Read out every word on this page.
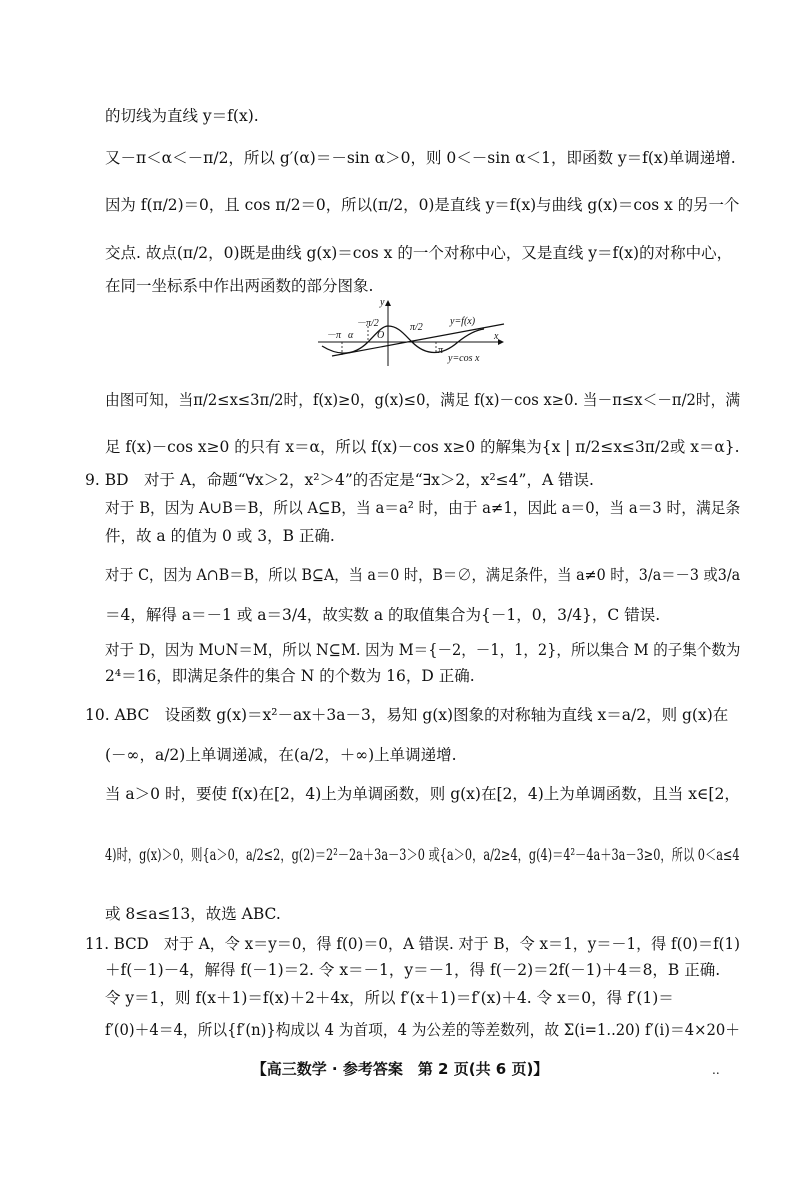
的切线为直线 y＝f(x).
又－π＜α＜－π/2，所以 g′(α)＝－sin α＞0，则 0＜－sin α＜1，即函数 y＝f(x)单调递增.
因为 f(π/2)＝0，且 cos π/2＝0，所以(π/2，0)是直线 y＝f(x)与曲线 g(x)＝cos x 的另一个
交点. 故点(π/2，0)既是曲线 g(x)＝cos x 的一个对称中心，又是直线 y＝f(x)的对称中心，
在同一坐标系中作出两函数的部分图象.
y
x
O
－π α
－π/2	π/2
π
y=f(x)
y=cos x
由图可知，当π/2≤x≤3π/2时，f(x)≥0，g(x)≤0，满足 f(x)－cos x≥0. 当－π≤x＜－π/2时，满
足 f(x)－cos x≥0 的只有 x＝α，所以 f(x)－cos x≥0 的解集为{x | π/2≤x≤3π/2或 x＝α}.
9. BD　对于 A，命题“∀x＞2，x²＞4”的否定是“∃x＞2，x²≤4”，A 错误.
对于 B，因为 A∪B＝B，所以 A⊆B，当 a＝a² 时，由于 a≠1，因此 a＝0，当 a＝3 时，满足条
件，故 a 的值为 0 或 3，B 正确.
对于 C，因为 A∩B＝B，所以 B⊆A，当 a＝0 时，B＝∅，满足条件，当 a≠0 时，3/a＝－3 或3/a
＝4，解得 a＝－1 或 a＝3/4，故实数 a 的取值集合为{－1，0，3/4}，C 错误.
对于 D，因为 M∪N＝M，所以 N⊆M. 因为 M＝{－2，－1，1，2}，所以集合 M 的子集个数为
2⁴＝16，即满足条件的集合 N 的个数为 16，D 正确.
10. ABC　设函数 g(x)＝x²－ax＋3a－3，易知 g(x)图象的对称轴为直线 x＝a/2，则 g(x)在
(－∞，a/2)上单调递减，在(a/2，＋∞)上单调递增.
当 a＞0 时，要使 f(x)在[2，4)上为单调函数，则 g(x)在[2，4)上为单调函数，且当 x∈[2，
4)时，g(x)＞0，则{a＞0，a/2≤2，g(2)＝2²－2a＋3a－3＞0 或{a＞0，a/2≥4，g(4)＝4²－4a＋3a－3≥0，所以 0＜a≤4
或 8≤a≤13，故选 ABC.
11. BCD　对于 A，令 x＝y＝0，得 f(0)＝0，A 错误. 对于 B，令 x＝1，y＝－1，得 f(0)＝f(1)
＋f(－1)－4，解得 f(－1)＝2. 令 x＝－1，y＝－1，得 f(－2)＝2f(－1)＋4＝8，B 正确.
令 y＝1，则 f(x＋1)＝f(x)＋2＋4x，所以 f′(x＋1)＝f′(x)＋4. 令 x＝0，得 f′(1)＝
f′(0)＋4＝4，所以{f′(n)}构成以 4 为首项，4 为公差的等差数列，故 Σ(i=1..20) f′(i)＝4×20＋
【高三数学 · 参考答案　第 2 页(共 6 页)】	..
